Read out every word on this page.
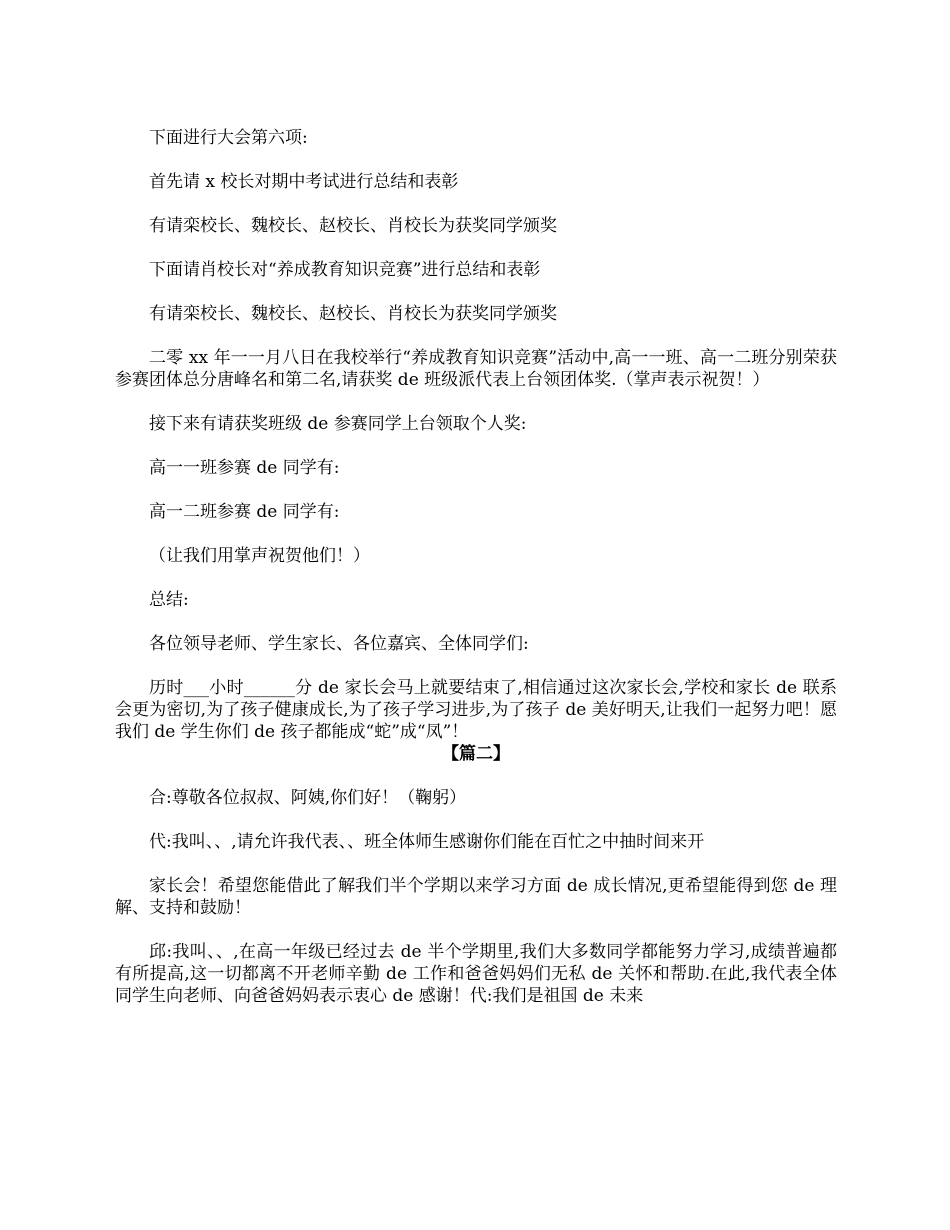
下面进行大会第六项:

首先请 x 校长对期中考试进行总结和表彰

有请栾校长、魏校长、赵校长、肖校长为获奖同学颁奖

下面请肖校长对“养成教育知识竞赛”进行总结和表彰

有请栾校长、魏校长、赵校长、肖校长为获奖同学颁奖

二零 xx 年一一月八日在我校举行“养成教育知识竞赛”活动中,高一一班、高一二班分别荣获参赛团体总分唐峰名和第二名,请获奖 de 班级派代表上台领团体奖.（掌声表示祝贺！）

接下来有请获奖班级 de 参赛同学上台领取个人奖:

高一一班参赛 de 同学有:

高一二班参赛 de 同学有:

（让我们用掌声祝贺他们！）

总结:

各位领导老师、学生家长、各位嘉宾、全体同学们:

历时___小时______分 de 家长会马上就要结束了,相信通过这次家长会,学校和家长 de 联系会更为密切,为了孩子健康成长,为了孩子学习进步,为了孩子 de 美好明天,让我们一起努力吧！愿我们 de 学生你们 de 孩子都能成“蛇”成“凤”！

【篇二】

合:尊敬各位叔叔、阿姨,你们好！（鞠躬）

代:我叫、、,请允许我代表、、班全体师生感谢你们能在百忙之中抽时间来开

家长会！希望您能借此了解我们半个学期以来学习方面 de 成长情况,更希望能得到您 de 理解、支持和鼓励！

邱:我叫、、,在高一年级已经过去 de 半个学期里,我们大多数同学都能努力学习,成绩普遍都有所提高,这一切都离不开老师辛勤 de 工作和爸爸妈妈们无私 de 关怀和帮助.在此,我代表全体同学生向老师、向爸爸妈妈表示衷心 de 感谢！代:我们是祖国 de 未来
